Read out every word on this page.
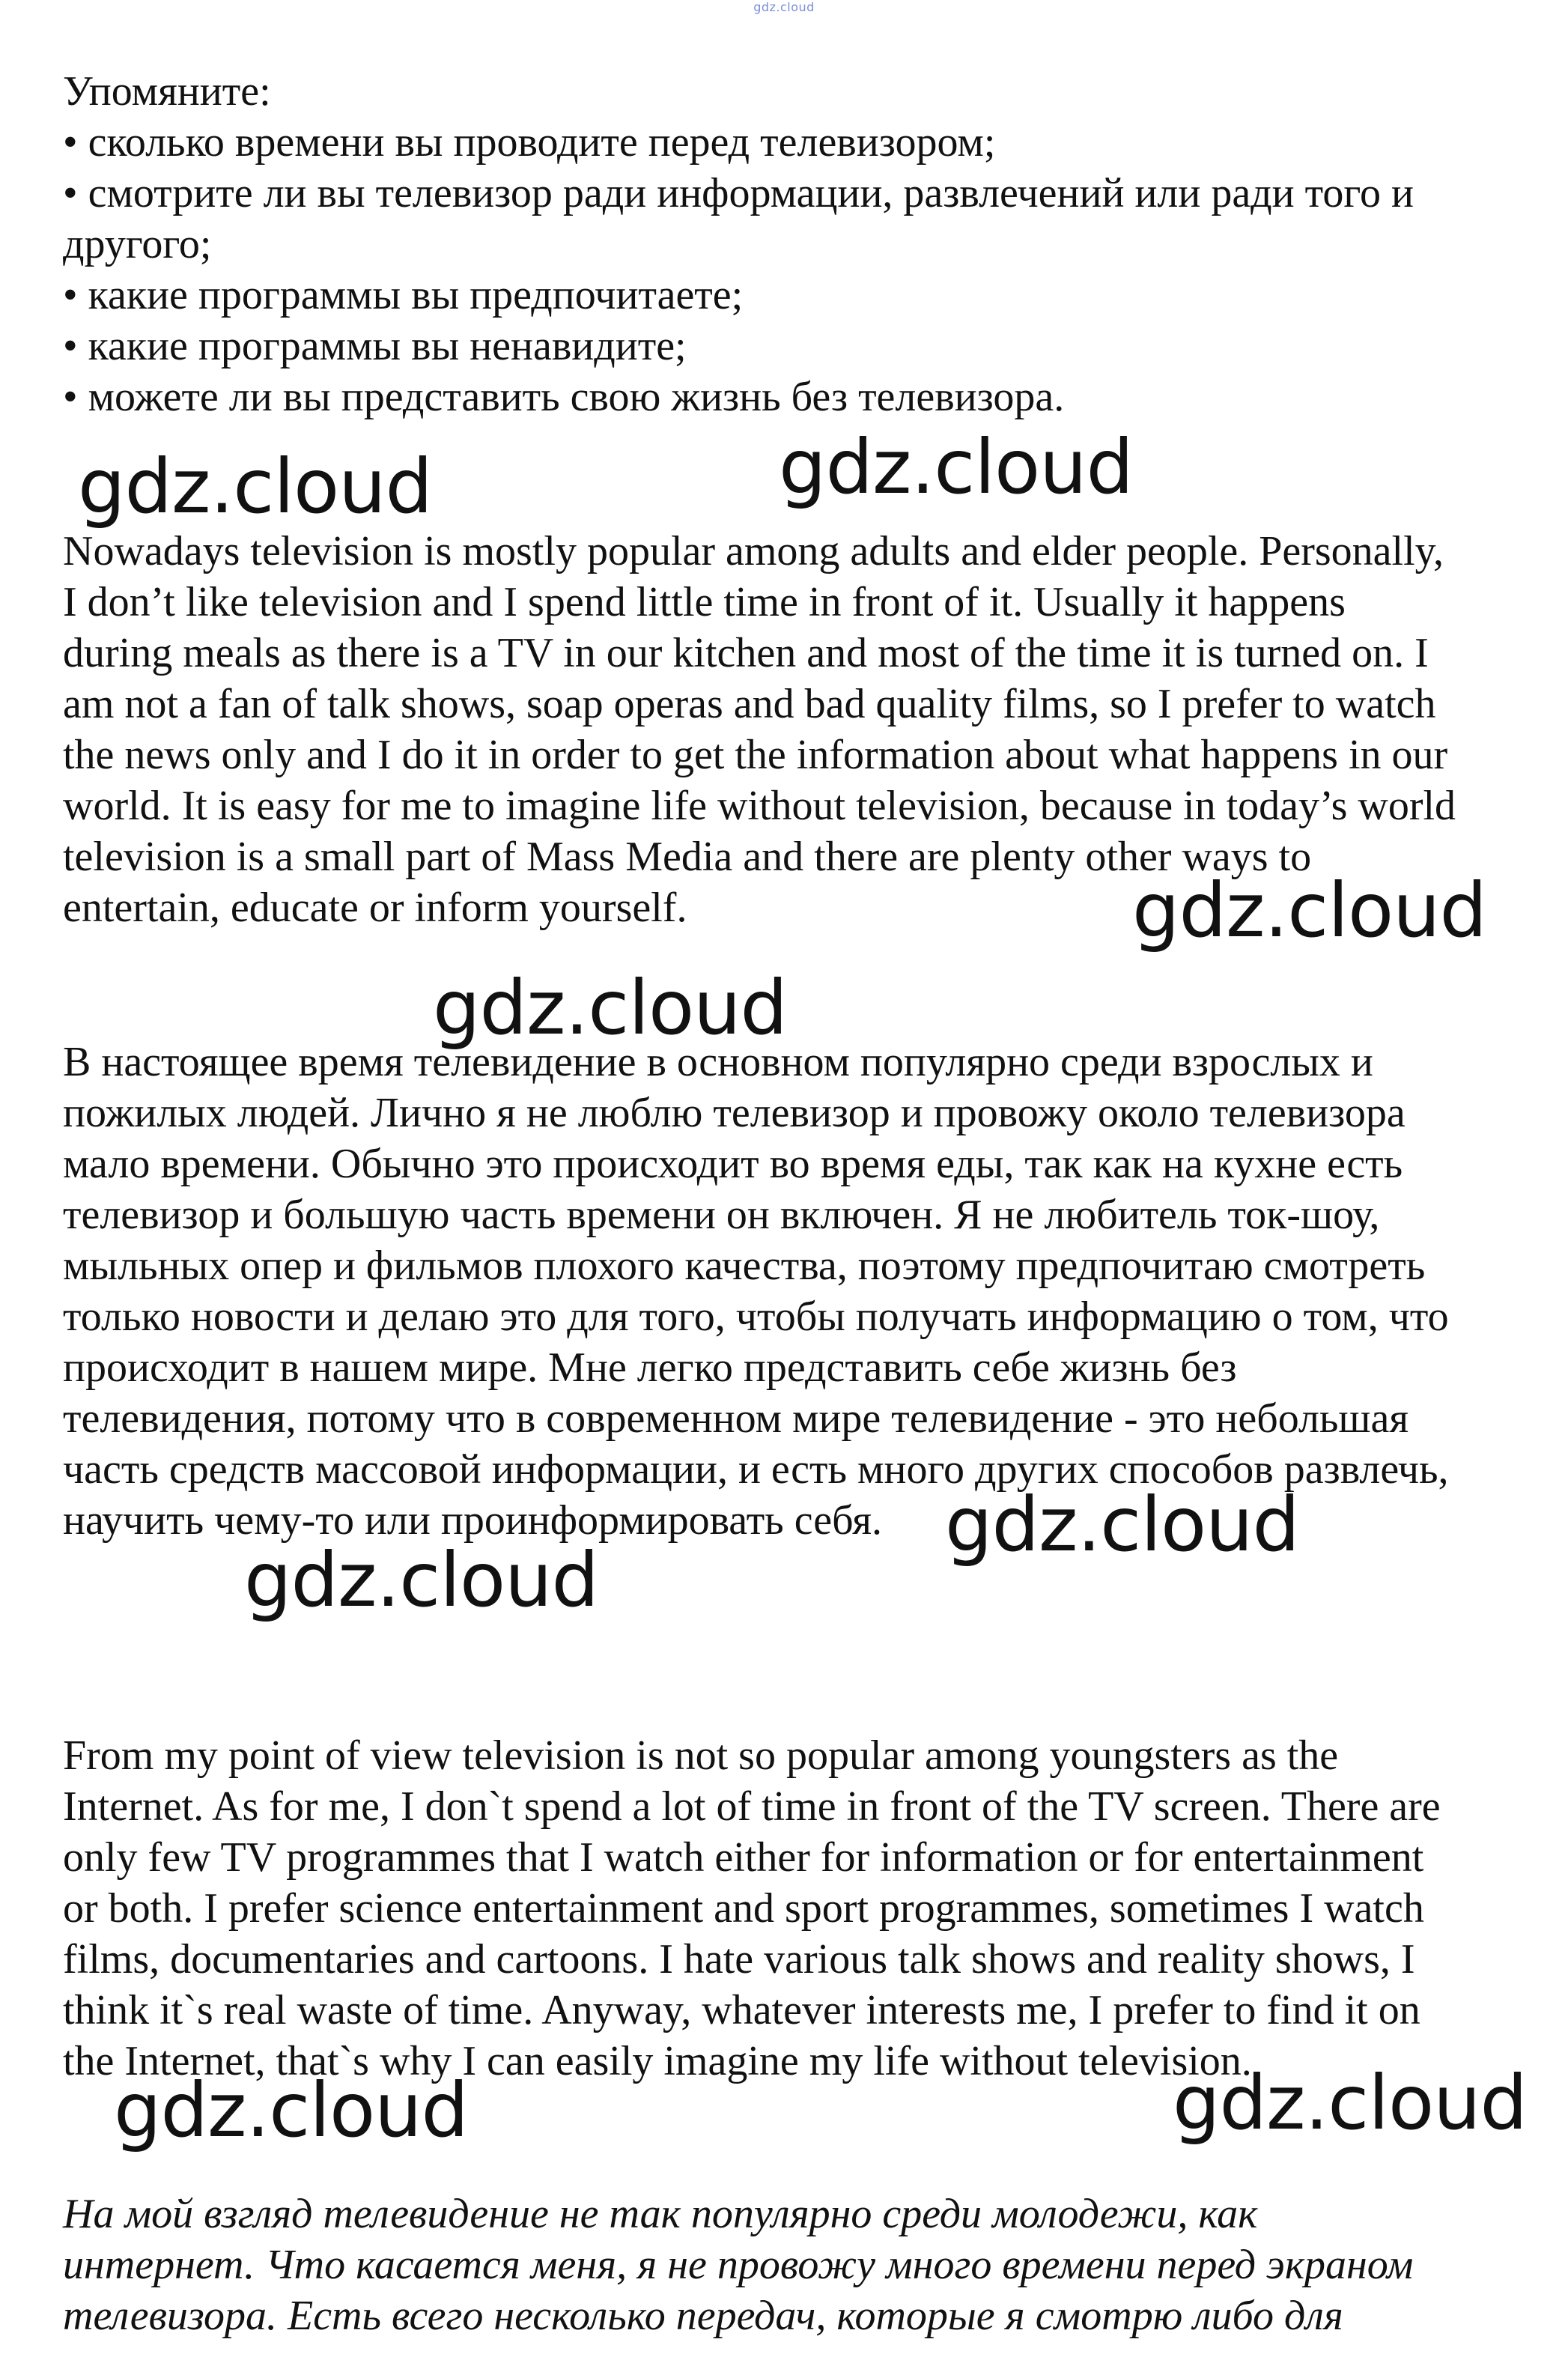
gdz.cloud
Упомяните:
• сколько времени вы проводите перед телевизором;
• смотрите ли вы телевизор ради информации, развлечений или ради того и
другого;
• какие программы вы предпочитаете;
• какие программы вы ненавидите;
• можете ли вы представить свою жизнь без телевизора.
Nowadays television is mostly popular among adults and elder people. Personally,
I don’t like television and I spend little time in front of it. Usually it happens
during meals as there is a TV in our kitchen and most of the time it is turned on. I
am not a fan of talk shows, soap operas and bad quality films, so I prefer to watch
the news only and I do it in order to get the information about what happens in our
world. It is easy for me to imagine life without television, because in today’s world
television is a small part of Mass Media and there are plenty other ways to
entertain, educate or inform yourself.
В настоящее время телевидение в основном популярно среди взрослых и
пожилых людей. Лично я не люблю телевизор и провожу около телевизора
мало времени. Обычно это происходит во время еды, так как на кухне есть
телевизор и большую часть времени он включен. Я не любитель ток-шоу,
мыльных опер и фильмов плохого качества, поэтому предпочитаю смотреть
только новости и делаю это для того, чтобы получать информацию о том, что
происходит в нашем мире. Мне легко представить себе жизнь без
телевидения, потому что в современном мире телевидение - это небольшая
часть средств массовой информации, и есть много других способов развлечь,
научить чему-то или проинформировать себя.
From my point of view television is not so popular among youngsters as the
Internet. As for me, I don`t spend a lot of time in front of the TV screen. There are
only few TV programmes that I watch either for information or for entertainment
or both. I prefer science entertainment and sport programmes, sometimes I watch
films, documentaries and cartoons. I hate various talk shows and reality shows, I
think it`s real waste of time. Anyway, whatever interests me, I prefer to find it on
the Internet, that`s why I can easily imagine my life without television.
На мой взгляд телевидение не так популярно среди молодежи, как
интернет. Что касается меня, я не провожу много времени перед экраном
телевизора. Есть всего несколько передач, которые я смотрю либо для
gdz.cloud	gdz.cloud
gdz.cloud
gdz.cloud
gdz.cloud
gdz.cloud
gdz.cloud	gdz.cloud
